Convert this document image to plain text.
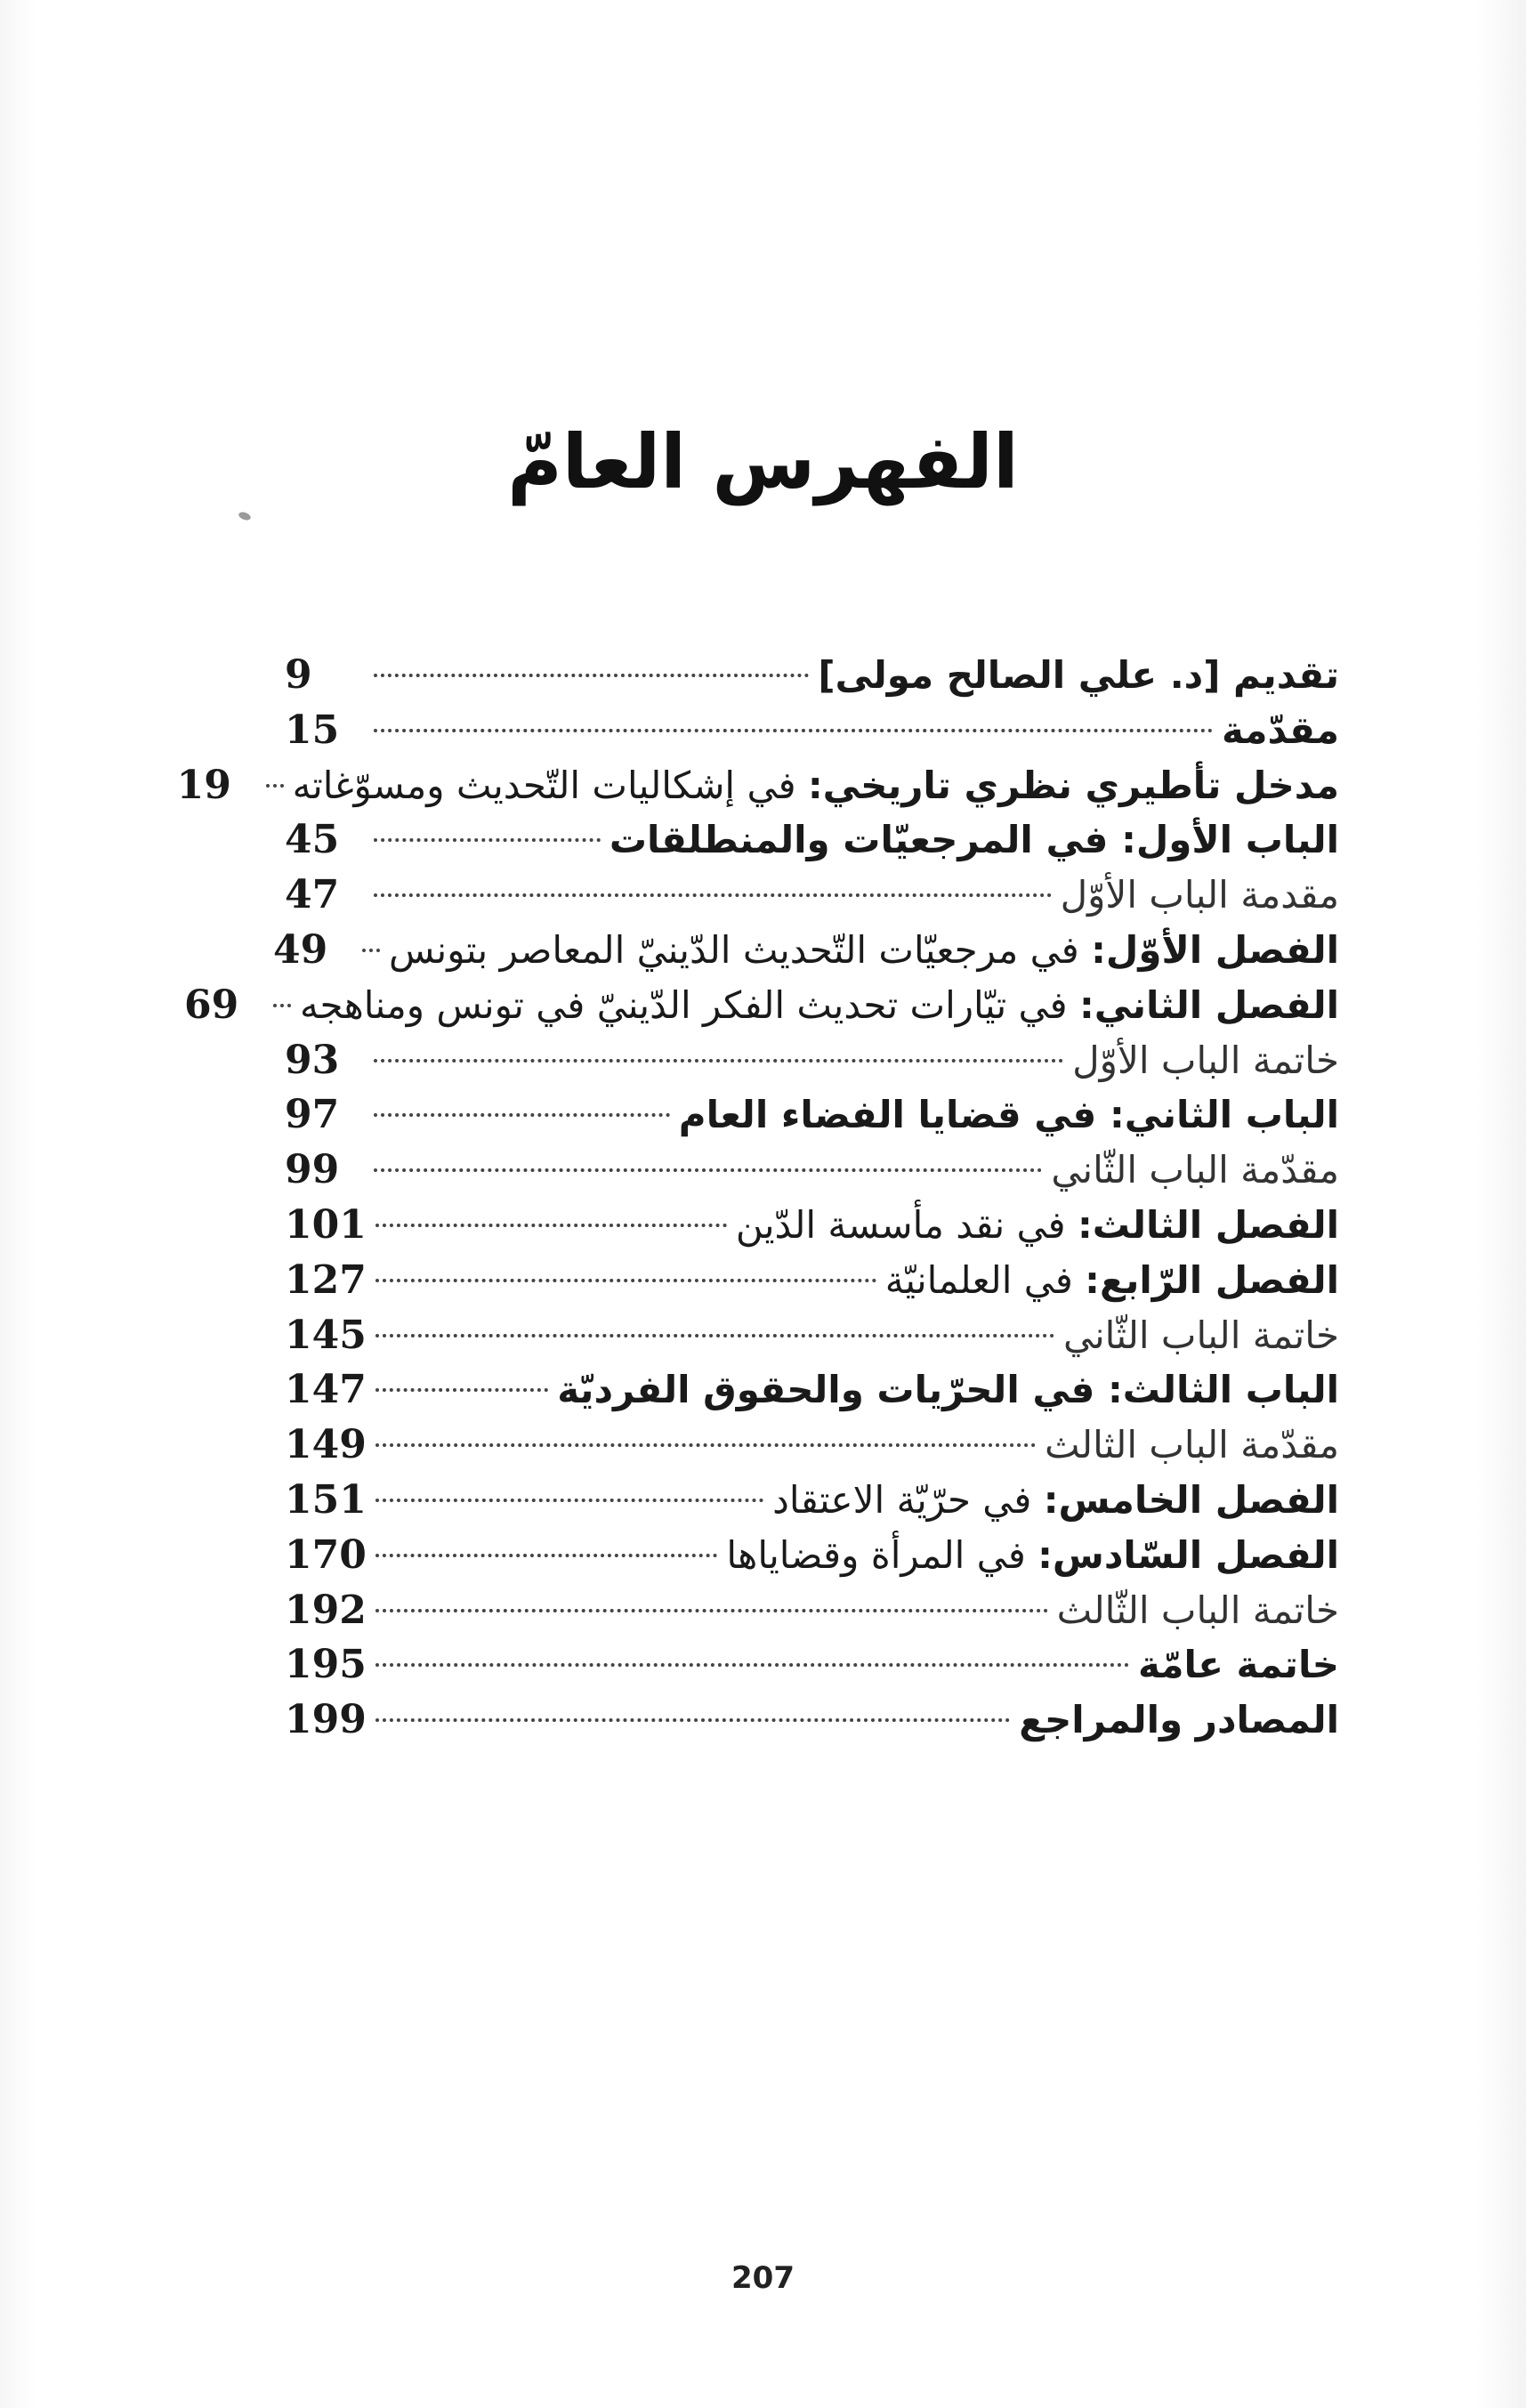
الفهرس العامّ
تقديم [د. علي الصالح مولى]
9
مقدّمة
15
مدخل تأطيري نظري تاريخي: في إشكاليات التّحديث ومسوّغاته
19
الباب الأول: في المرجعيّات والمنطلقات
45
مقدمة الباب الأوّل
47
الفصل الأوّل: في مرجعيّات التّحديث الدّينيّ المعاصر بتونس
49
الفصل الثاني: في تيّارات تحديث الفكر الدّينيّ في تونس ومناهجه
69
خاتمة الباب الأوّل
93
الباب الثاني: في قضايا الفضاء العام
97
مقدّمة الباب الثّاني
99
الفصل الثالث: في نقد مأسسة الدّين
101
الفصل الرّابع: في العلمانيّة
127
خاتمة الباب الثّاني
145
الباب الثالث: في الحرّيات والحقوق الفرديّة
147
مقدّمة الباب الثالث
149
الفصل الخامس: في حرّيّة الاعتقاد
151
الفصل السّادس: في المرأة وقضاياها
170
خاتمة الباب الثّالث
192
خاتمة عامّة
195
المصادر والمراجع
199
207
